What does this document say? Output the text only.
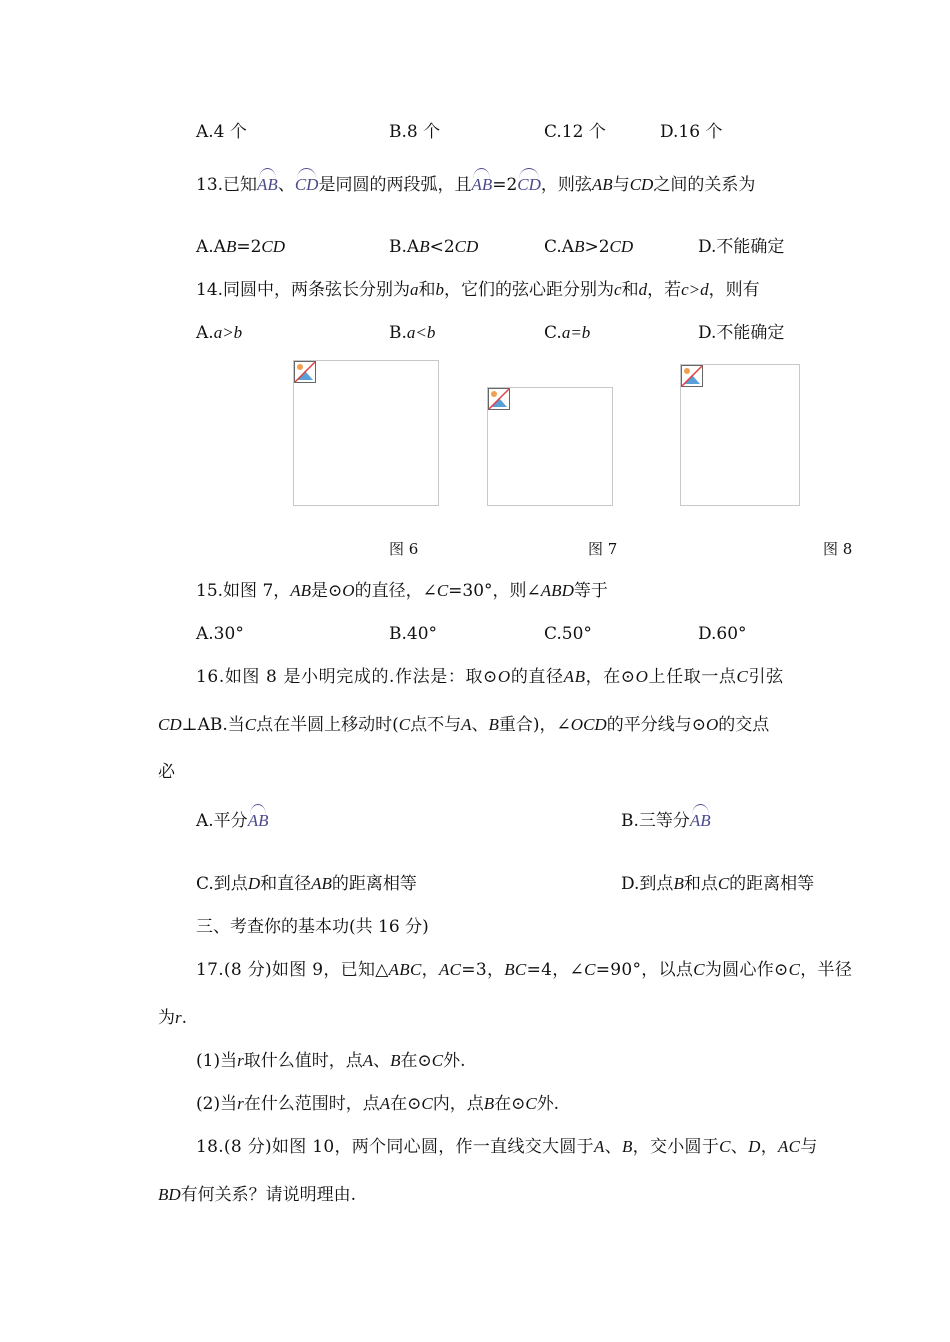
A.4 个	B.8 个	C.12 个	D.16 个
13.已知AB、CD是同圆的两段弧，且AB=2CD，则弦AB与CD之间的关系为
A.AB=2CD	B.AB<2CD	C.AB>2CD	D.不能确定
14.同圆中，两条弦长分别为a和b，它们的弦心距分别为c和d，若c>d，则有
A.a>b	B.a<b	C.a=b	D.不能确定
图 6	图 7	图 8
15.如图 7，AB是⊙O的直径，∠C=30°，则∠ABD等于
A.30°	B.40°	C.50°	D.60°
16.如图 8 是小明完成的.作法是：取⊙O的直径AB，在⊙O上任取一点C引弦
CD⊥AB.当C点在半圆上移动时(C点不与A、B重合)，∠OCD的平分线与⊙O的交点
必
A.平分AB	B.三等分AB
C.到点D和直径AB的距离相等	D.到点B和点C的距离相等
三、考查你的基本功(共 16 分)
17.(8 分)如图 9，已知△ABC，AC=3，BC=4，∠C=90°，以点C为圆心作⊙C，半径
为r.
(1)当r取什么值时，点A、B在⊙C外.
(2)当r在什么范围时，点A在⊙C内，点B在⊙C外.
18.(8 分)如图 10，两个同心圆，作一直线交大圆于A、B，交小圆于C、D，AC与
BD有何关系？请说明理由.
